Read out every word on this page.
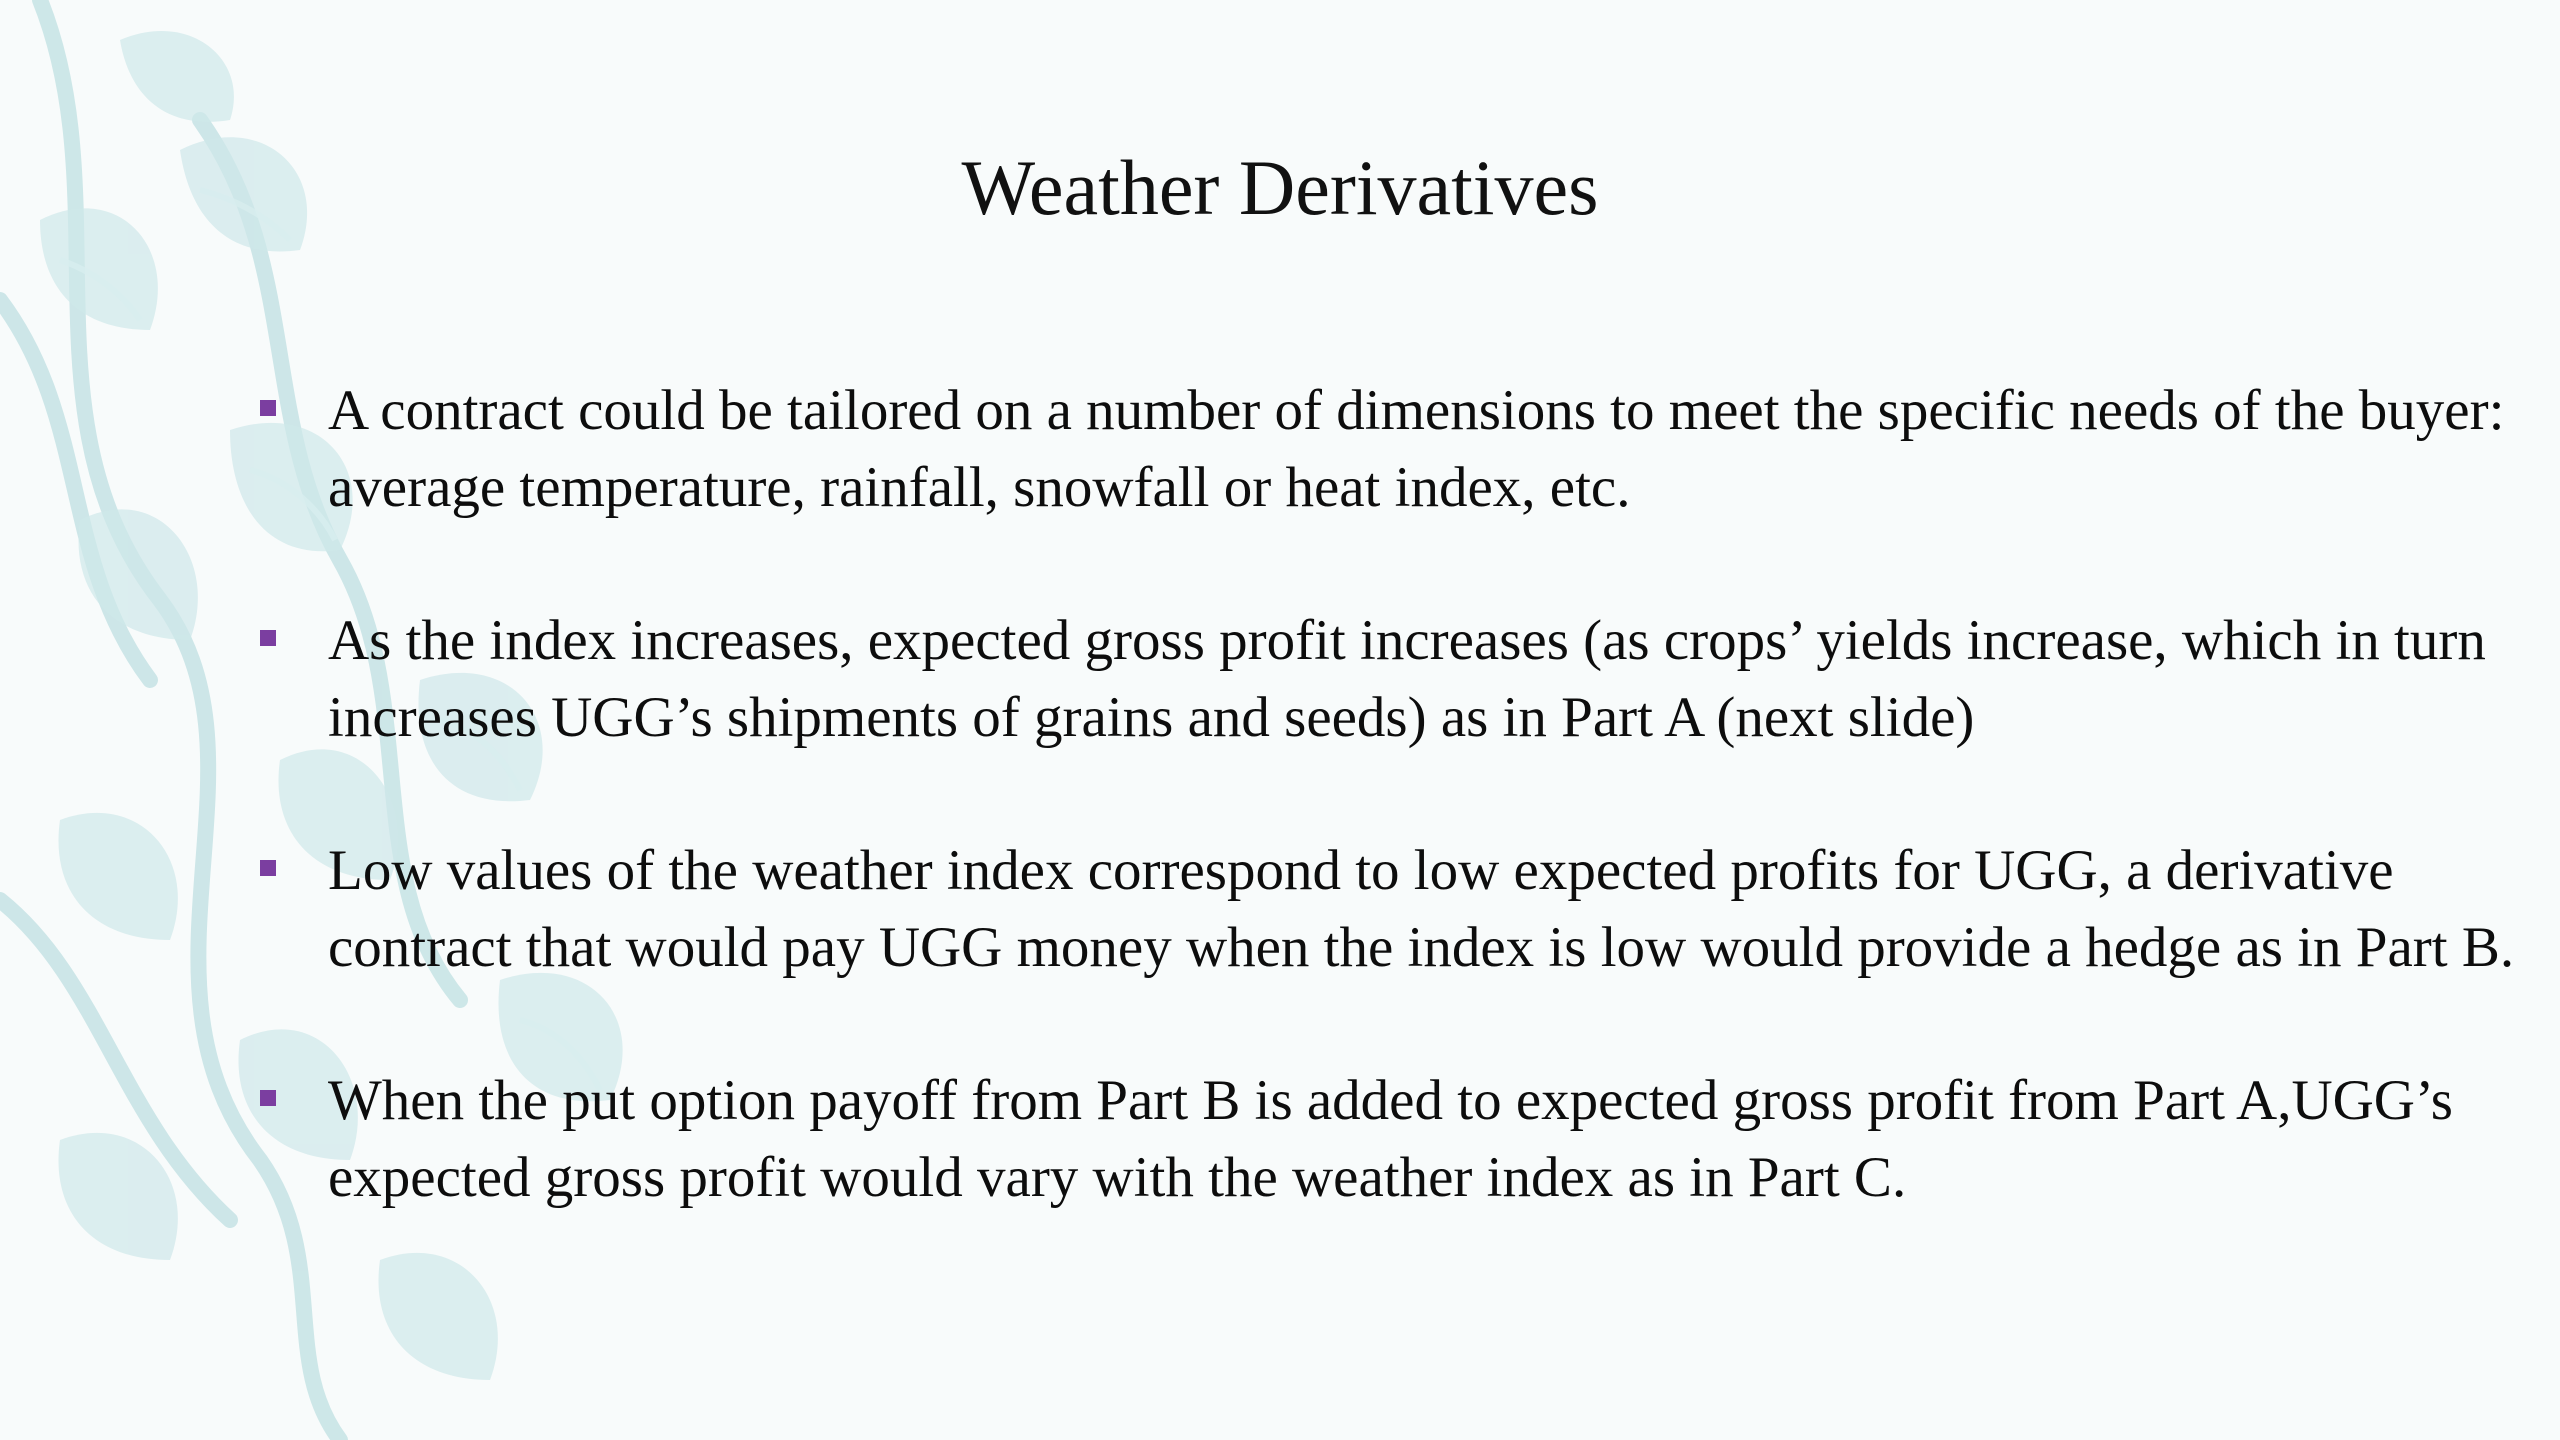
Weather Derivatives
A contract could be tailored on a number of dimensions to meet the specific needs of the buyer: average temperature, rainfall, snowfall or heat index, etc.
As the index increases, expected gross profit increases (as crops’ yields increase, which in turn increases UGG’s shipments of grains and seeds) as in Part A (next slide)
Low values of the weather index correspond to low expected profits for UGG, a derivative contract that would pay UGG money when the index is low would provide a hedge as in Part B.
When the put option payoff from Part B is added to expected gross profit from Part A,UGG’s expected gross profit would vary with the weather index as in Part C.
